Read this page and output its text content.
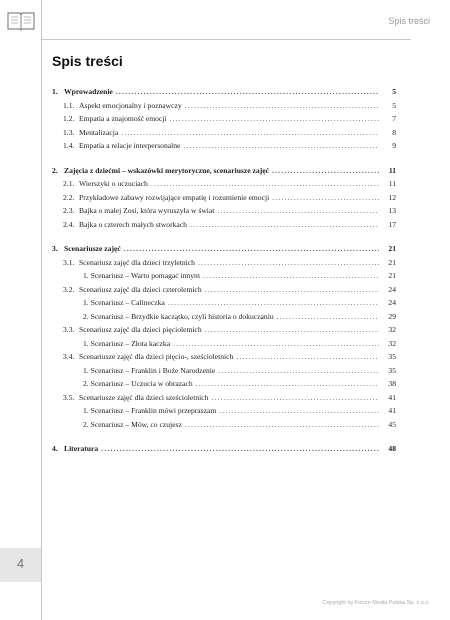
Spis treści
Spis treści
1. Wprowadzenie .....	5
1.1. Aspekt emocjonalny i poznawczy .....	5
1.2. Empatia a znajomość emocji .....	7
1.3. Mentalizacja .....	8
1.4. Empatia a relacje interpersonalne .....	9
2. Zajęcia z dziećmi – wskazówki merytoryczne, scenariusze zajęć .....	11
2.1. Wierszyki o uczuciach .....	11
2.2. Przykładowe zabawy rozwijające empatię i rozumienie emocji .....	12
2.3. Bajka o małej Zosi, która wyruszyła w świat .....	13
2.4. Bajka o czterech małych stworkach .....	17
3. Scenariusze zajęć .....	21
3.1. Scenariusz zajęć dla dzieci trzyletnich .....	21
1. Scenariusz – Warto pomagać innym .....	21
3.2. Scenariusz zajęć dla dzieci czteroletnich .....	24
1. Scenariusz – Calineczka .....	24
2. Scenariusz – Brzydkie kaczątko, czyli historia o dokuczaniu .....	29
3.3. Scenariusz zajęć dla dzieci pięcioletnich .....	32
1. Scenariusz – Złota kaczka .....	32
3.4. Scenariusze zajęć dla dzieci pięcio-, sześcioletnich .....	35
1. Scenariusz – Franklin i Boże Narodzenie .....	35
2. Scenariusz – Uczucia w obrazach .....	38
3.5. Scenariusze zajęć dla dzieci sześcioletnich .....	41
1. Scenariusz – Franklin mówi przepraszam .....	41
2. Scenariusz – Mów, co czujesz .....	45
4. Literatura .....	48
4
Copyright by Forum Media Polska Sp. z o.o.
